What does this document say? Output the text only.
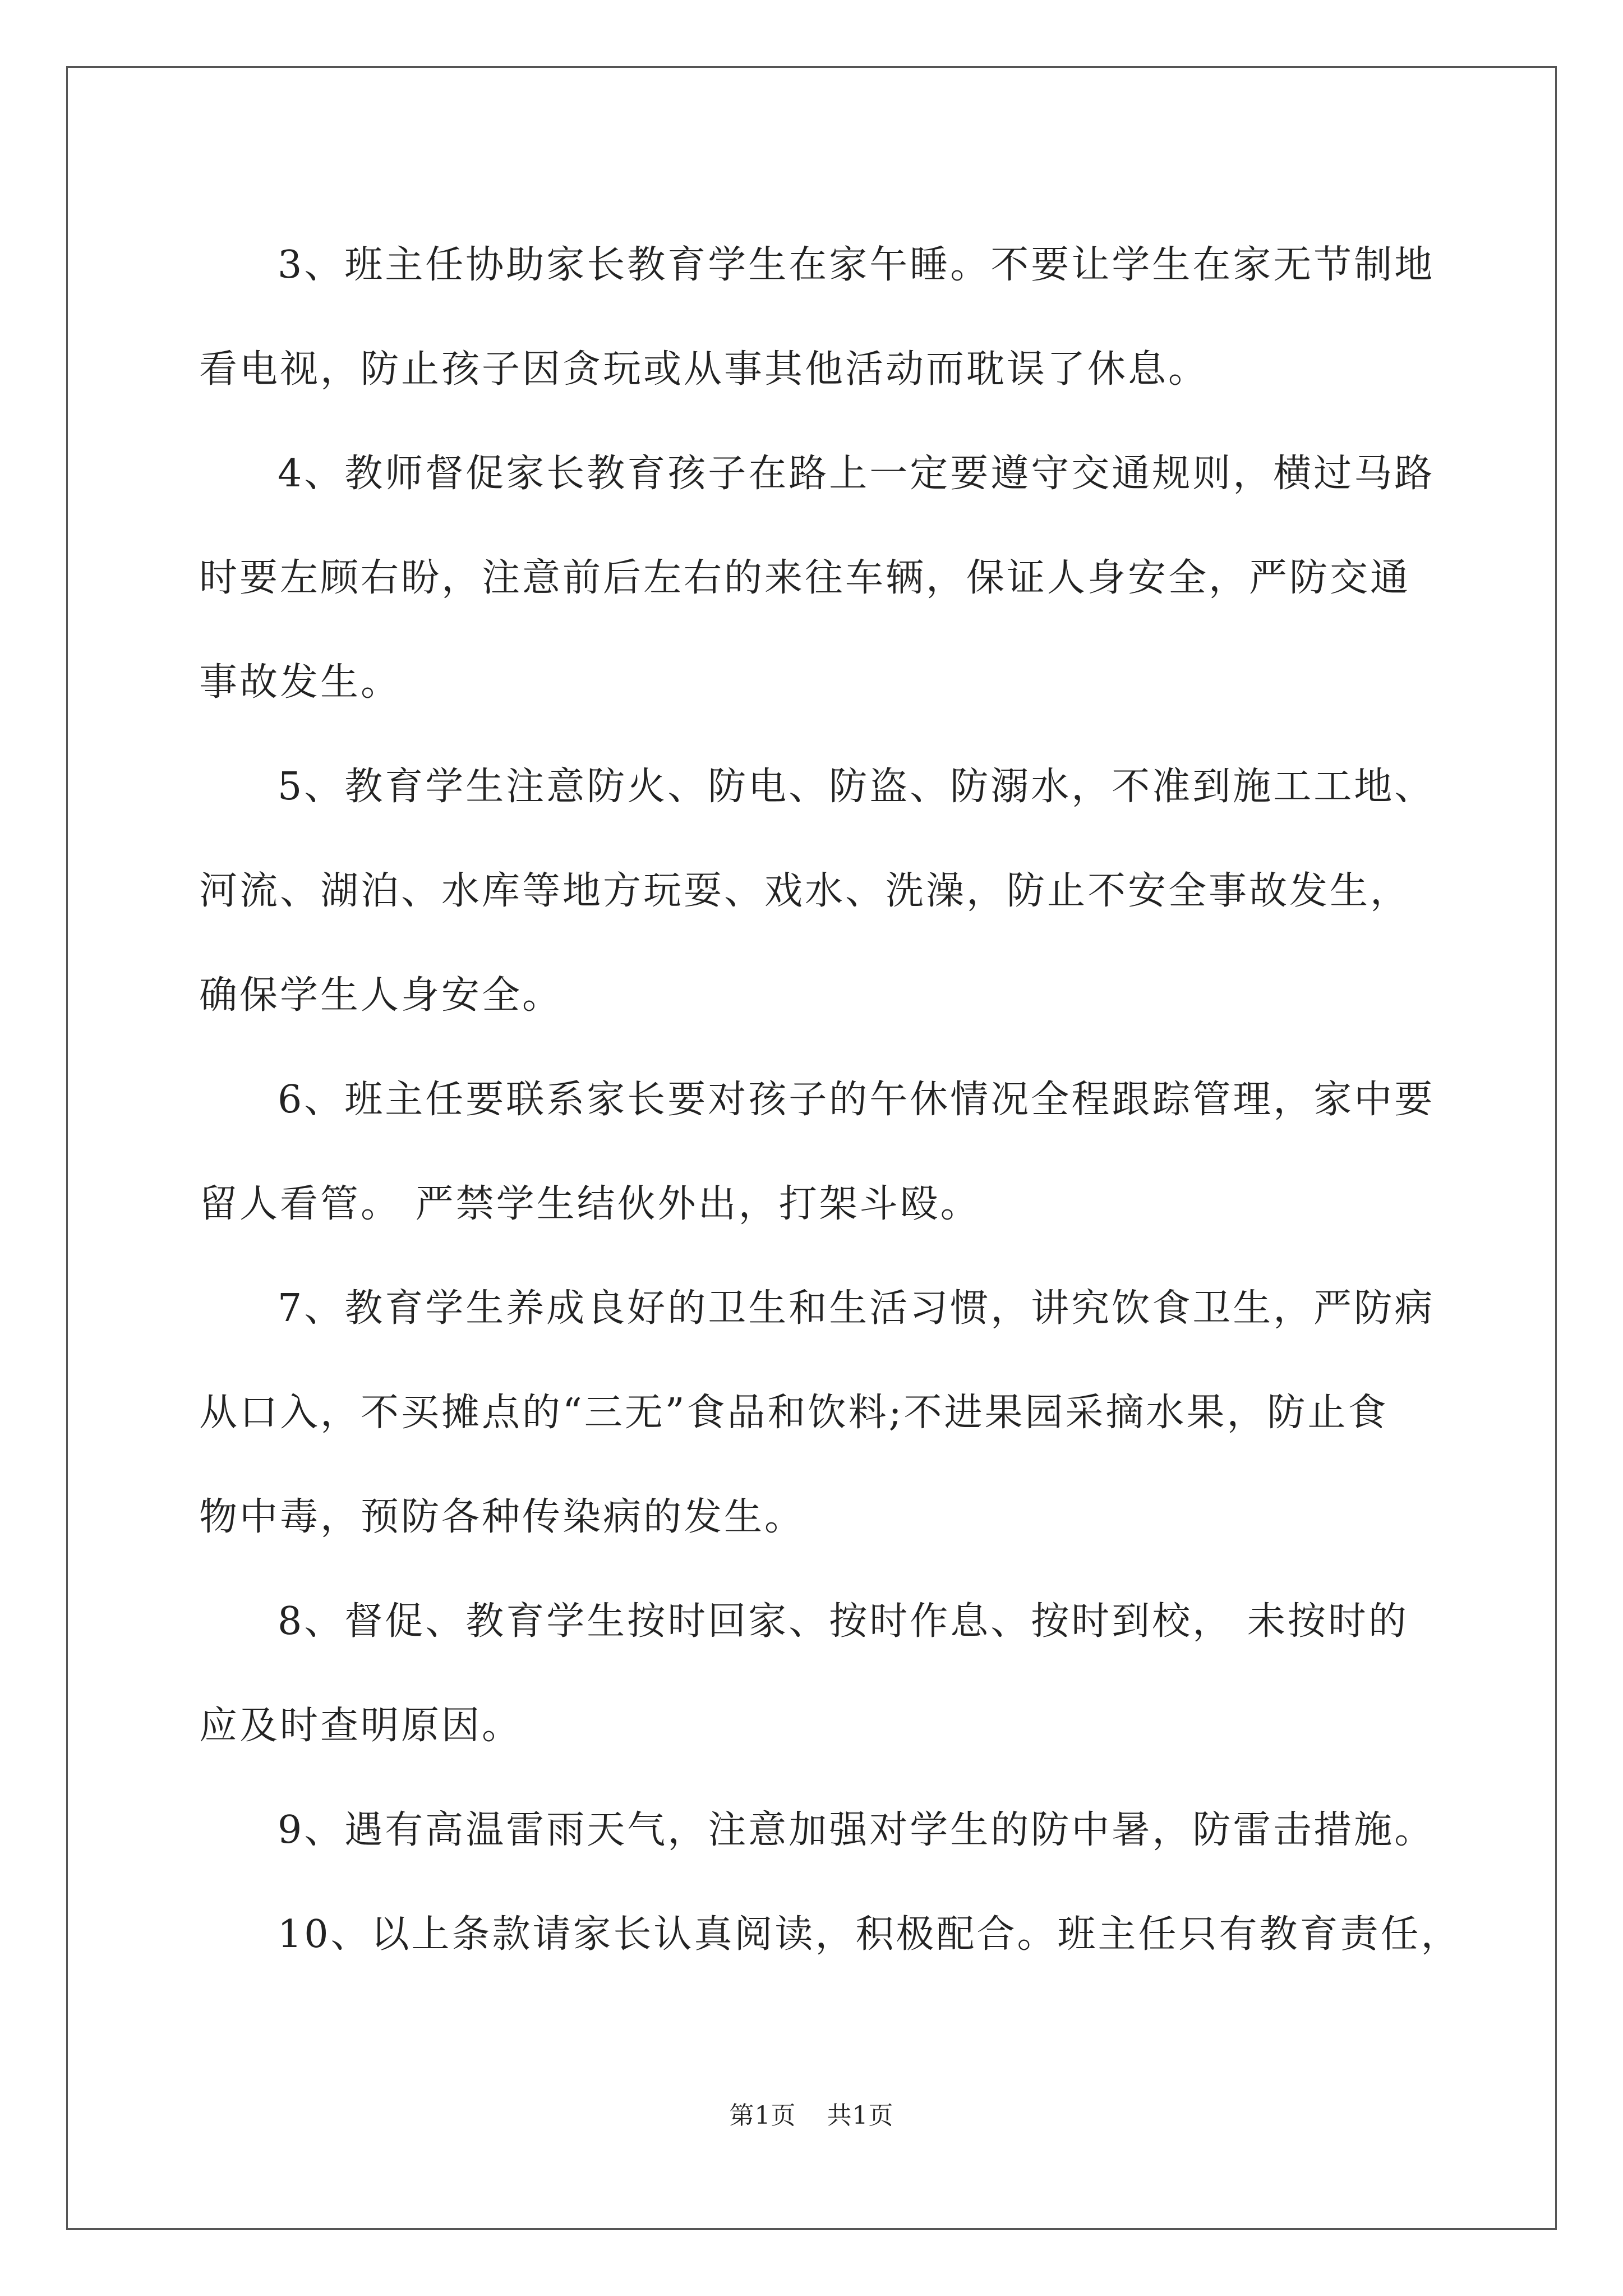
3、班主任协助家长教育学生在家午睡。不要让学生在家无节制地
看电视，防止孩子因贪玩或从事其他活动而耽误了休息。
4、教师督促家长教育孩子在路上一定要遵守交通规则，横过马路
时要左顾右盼，注意前后左右的来往车辆，保证人身安全，严防交通
事故发生。
5、教育学生注意防火、防电、防盗、防溺水，不准到施工工地、
河流、湖泊、水库等地方玩耍、戏水、洗澡，防止不安全事故发生，
确保学生人身安全。
6、班主任要联系家长要对孩子的午休情况全程跟踪管理，家中要
留人看管。 严禁学生结伙外出，打架斗殴。
7、教育学生养成良好的卫生和生活习惯，讲究饮食卫生，严防病
从口入，不买摊点的“三无”食品和饮料;不进果园采摘水果，防止食
物中毒，预防各种传染病的发生。
8、督促、教育学生按时回家、按时作息、按时到校， 未按时的
应及时查明原因。
9、遇有高温雷雨天气，注意加强对学生的防中暑，防雷击措施。
10、以上条款请家长认真阅读，积极配合。班主任只有教育责任，
第1页 共1页
